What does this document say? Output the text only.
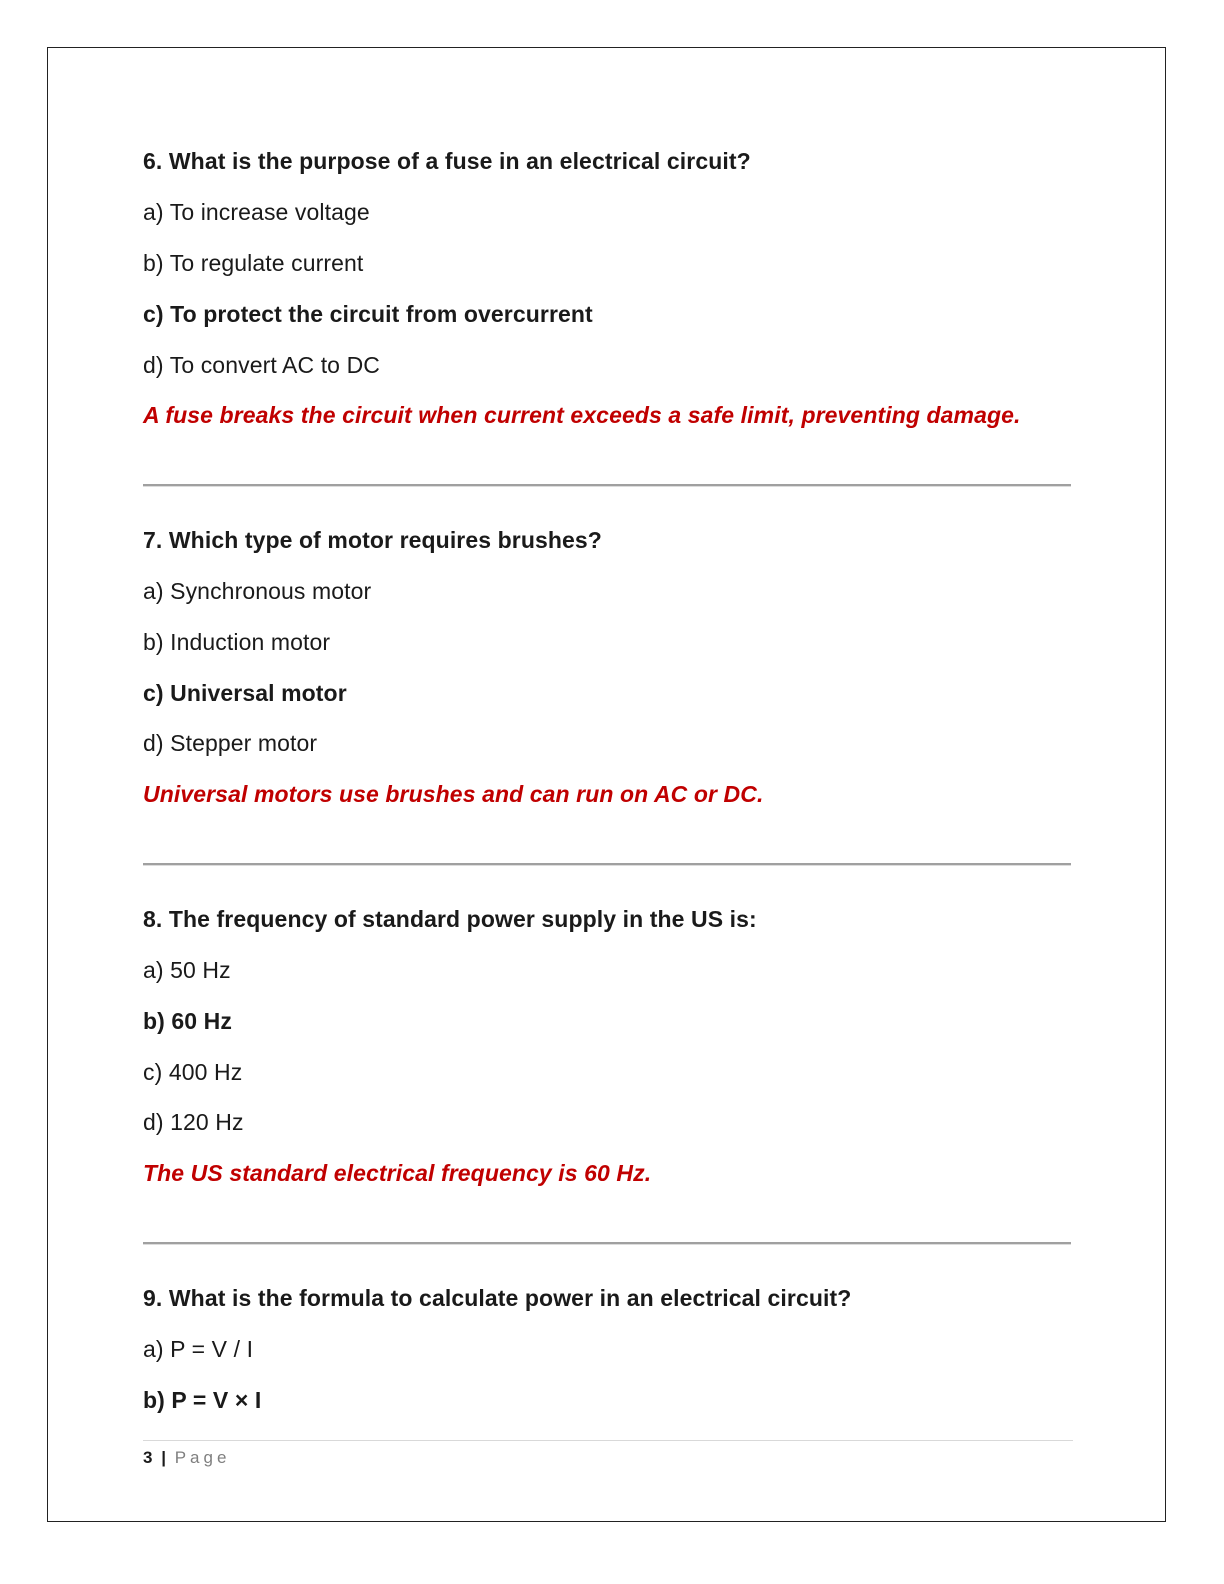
6. What is the purpose of a fuse in an electrical circuit?
a) To increase voltage
b) To regulate current
c) To protect the circuit from overcurrent
d) To convert AC to DC
A fuse breaks the circuit when current exceeds a safe limit, preventing damage.
7. Which type of motor requires brushes?
a) Synchronous motor
b) Induction motor
c) Universal motor
d) Stepper motor
Universal motors use brushes and can run on AC or DC.
8. The frequency of standard power supply in the US is:
a) 50 Hz
b) 60 Hz
c) 400 Hz
d) 120 Hz
The US standard electrical frequency is 60 Hz.
9. What is the formula to calculate power in an electrical circuit?
a) P = V / I
b) P = V × I
3 | Page
